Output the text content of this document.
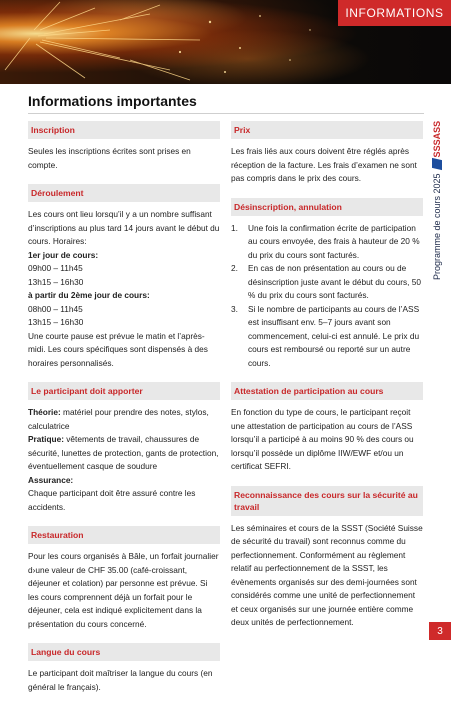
INFORMATIONS
Informations importantes
Inscription

Seules les inscriptions écrites sont prises en compte.

Déroulement

Les cours ont lieu lorsqu’il y a un nombre suffisant d’inscriptions au plus tard 14 jours avant le début du cours. Horaires:

1er jour de cours:

09h00 – 11h45

13h15 – 16h30

à partir du 2ème jour de cours:

08h00 – 11h45

13h15 – 16h30

Une courte pause est prévue le matin et l’après-midi. Les cours spécifiques sont dispensés à des horaires personnalisés.

Le participant doit apporter

Théorie: matériel pour prendre des notes, stylos, calculatrice

Pratique: vêtements de travail, chaussures de sécurité, lunettes de protection, gants de protection, éventuellement casque de soudure

Assurance:

Chaque participant doit être assuré contre les accidents.

Restauration

Pour les cours organisés à Bâle, un forfait journalier d›une valeur de CHF 35.00 (café-croissant, déjeuner et colation) par personne est prévue. Si les cours comprennent déjà un forfait pour le déjeuner, cela est indiqué explicitement dans la présentation du cours concerné.

Langue du cours

Le participant doit maîtriser la langue du cours (en général le français).

Prix

Les frais liés aux cours doivent être réglés après réception de la facture. Les frais d’examen ne sont pas compris dans le prix des cours.

Désinscription, annulation
1.	Une fois la confirmation écrite de participation au cours envoyée, des frais à hauteur de 20 % du prix du cours sont facturés.
2.	En cas de non présentation au cours ou de désinscription juste avant le début du cours, 50 % du prix du cours sont facturés.
3.	Si le nombre de participants au cours de l’ASS est insuffisant env. 5–7 jours avant son commencement, celui-ci est annulé. Le prix du cours est remboursé ou reporté sur un autre cours.
Attestation de participation au cours

En fonction du type de cours, le participant reçoit une attestation de participation au cours de l’ASS lorsqu’il a participé à au moins 90 % des cours ou lorsqu’il possède un diplôme IIW/EWF et/ou un certificat SEFRI.

Reconnaissance des cours sur la sécurité au travail

Les séminaires et cours de la SSST (Société Suisse de sécurité du travail) sont reconnus comme du perfectionnement. Conformément au règlement relatif au perfectionnement de la SSST, les évènements organisés sur des demi-journées sont considérés comme une unité de perfectionnement et ceux organisés sur une journée entière comme deux unités de perfectionnement.

Programme de cours 2025
SSSASS
3
